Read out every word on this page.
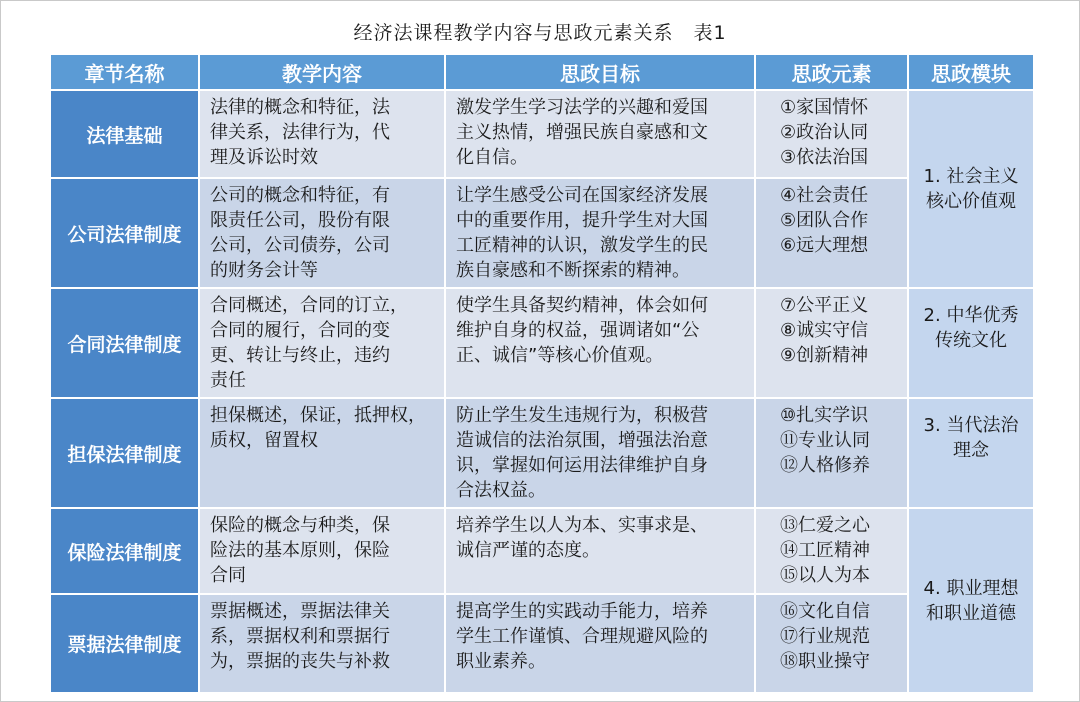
经济法课程教学内容与思政元素关系　表1
章节名称	教学内容	思政目标	思政元素	思政模块
法律基础	法律的概念和特征，法
律关系，法律行为，代
理及诉讼时效	激发学生学习法学的兴趣和爱国
主义热情，增强民族自豪感和文
化自信。	①家国情怀
②政治认同
③依法治国	1. 社会主义
核心价值观

公司法律制度	公司的概念和特征，有
限责任公司，股份有限
公司，公司债券，公司
的财务会计等	让学生感受公司在国家经济发展
中的重要作用，提升学生对大国
工匠精神的认识，激发学生的民
族自豪感和不断探索的精神。	④社会责任
⑤团队合作
⑥远大理想	

合同法律制度	合同概述，合同的订立，
合同的履行，合同的变
更、转让与终止，违约
责任	使学生具备契约精神，体会如何
维护自身的权益，强调诸如“公
正、诚信”等核心价值观。	⑦公平正义
⑧诚实守信
⑨创新精神	2. 中华优秀
传统文化

担保法律制度	担保概述，保证，抵押权，
质权，留置权	防止学生发生违规行为，积极营
造诚信的法治氛围，增强法治意
识，掌握如何运用法律维护自身
合法权益。	⑩扎实学识
⑪专业认同
⑫人格修养	3. 当代法治
理念

保险法律制度	保险的概念与种类，保
险法的基本原则，保险
合同	培养学生以人为本、实事求是、
诚信严谨的态度。	⑬仁爱之心
⑭工匠精神
⑮以人为本	4. 职业理想
和职业道德

票据法律制度	票据概述，票据法律关
系，票据权利和票据行
为，票据的丧失与补救	提高学生的实践动手能力，培养
学生工作谨慎、合理规避风险的
职业素养。	⑯文化自信
⑰行业规范
⑱职业操守	
